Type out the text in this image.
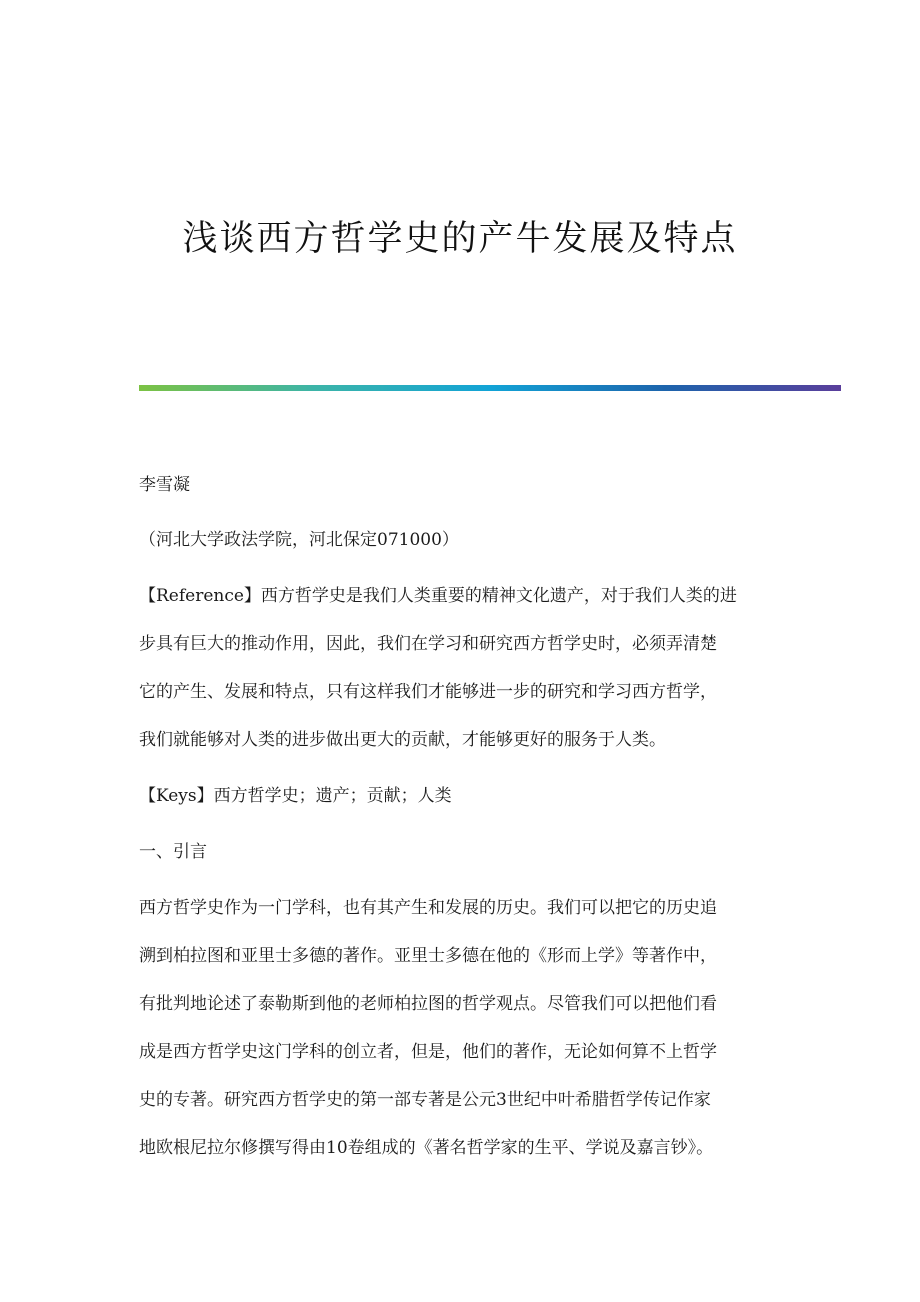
浅谈西方哲学史的产牛发展及特点
李雪凝
（河北大学政法学院，河北保定071000）
【Reference】西方哲学史是我们人类重要的精神文化遗产，对于我们人类的进
步具有巨大的推动作用，因此，我们在学习和研究西方哲学史时，必须弄清楚
它的产生、发展和特点，只有这样我们才能够进一步的研究和学习西方哲学，
我们就能够对人类的进步做出更大的贡献，才能够更好的服务于人类。
【Keys】西方哲学史；遗产；贡献；人类
一、引言
西方哲学史作为一门学科，也有其产生和发展的历史。我们可以把它的历史追
溯到柏拉图和亚里士多德的著作。亚里士多德在他的《形而上学》等著作中，
有批判地论述了泰勒斯到他的老师柏拉图的哲学观点。尽管我们可以把他们看
成是西方哲学史这门学科的创立者，但是，他们的著作，无论如何算不上哲学
史的专著。研究西方哲学史的第一部专著是公元3世纪中叶希腊哲学传记作家
地欧根尼拉尔修撰写得由10卷组成的《著名哲学家的生平、学说及嘉言钞》。
